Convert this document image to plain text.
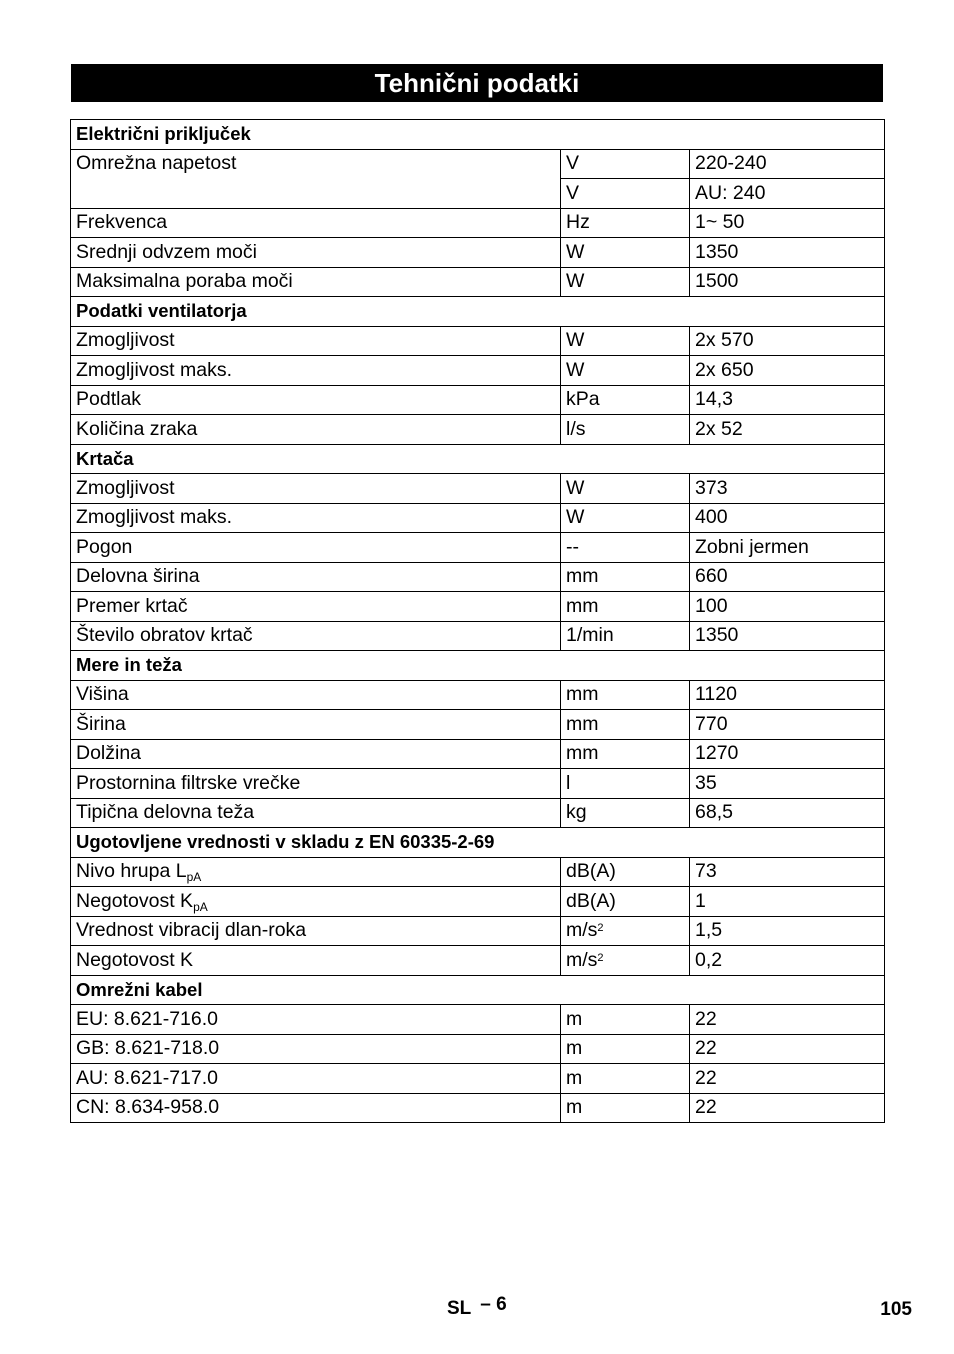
Tehnični podatki
Električni priključek		
Omrežna napetost	V	220-240
	V	AU: 240
Frekvenca	Hz	1~ 50
Srednji odvzem moči	W	1350
Maksimalna poraba moči	W	1500
Podatki ventilatorja		
Zmogljivost	W	2x 570
Zmogljivost maks.	W	2x 650
Podtlak	kPa	14,3
Količina zraka	l/s	2x 52
Krtača		
Zmogljivost	W	373
Zmogljivost maks.	W	400
Pogon	--	Zobni jermen
Delovna širina	mm	660
Premer krtač	mm	100
Število obratov krtač	1/min	1350
Mere in teža		
Višina	mm	1120
Širina	mm	770
Dolžina	mm	1270
Prostornina filtrske vrečke	l	35
Tipična delovna teža	kg	68,5
Ugotovljene vrednosti v skladu z EN 60335-2-69		
Nivo hrupa $L_{pA}$	dB(A)	73
Negotovost $K_{pA}$	dB(A)	1
Vrednost vibracij dlan-roka	$m/s^2$	1,5
Negotovost K	$m/s^2$	0,2
Omrežni kabel		
EU: 8.621-716.0	m	22
GB: 8.621-718.0	m	22
AU: 8.621-717.0	m	22
CN: 8.634-958.0	m	22
SL – 6	105
